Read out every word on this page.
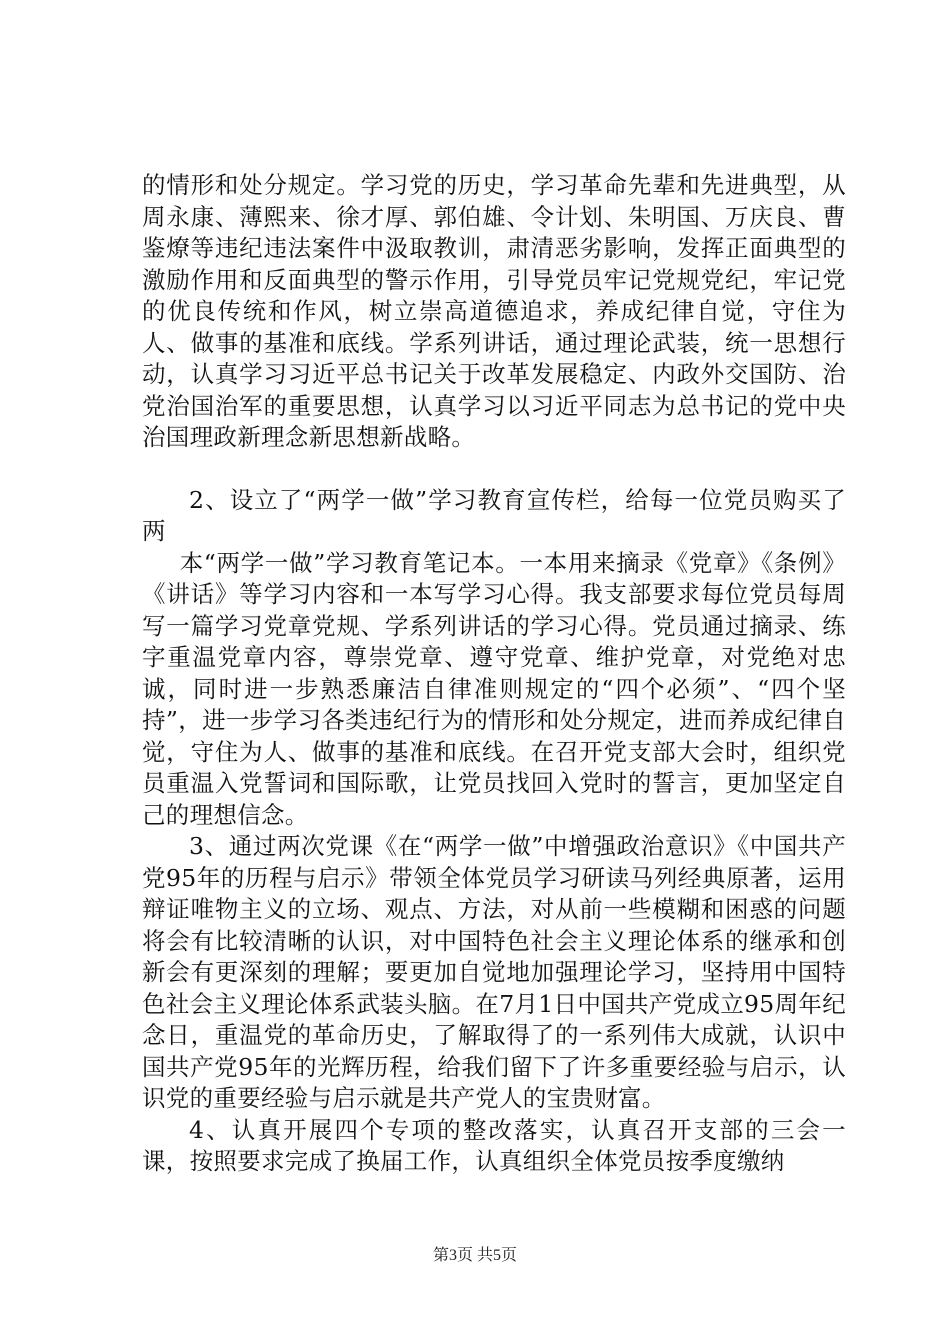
的情形和处分规定。学习党的历史，学习革命先辈和先进典型，从周永康、薄熙来、徐才厚、郭伯雄、令计划、朱明国、万庆良、曹鉴燎等违纪违法案件中汲取教训，肃清恶劣影响，发挥正面典型的激励作用和反面典型的警示作用，引导党员牢记党规党纪，牢记党的优良传统和作风，树立崇高道德追求，养成纪律自觉，守住为人、做事的基准和底线。学系列讲话，通过理论武装，统一思想行动，认真学习习近平总书记关于改革发展稳定、内政外交国防、治党治国治军的重要思想，认真学习以习近平同志为总书记的党中央治国理政新理念新思想新战略。

2、设立了“两学一做”学习教育宣传栏，给每一位党员购买了两

本“两学一做”学习教育笔记本。一本用来摘录《党章》《条例》《讲话》等学习内容和一本写学习心得。我支部要求每位党员每周写一篇学习党章党规、学系列讲话的学习心得。党员通过摘录、练字重温党章内容，尊崇党章、遵守党章、维护党章，对党绝对忠诚，同时进一步熟悉廉洁自律准则规定的“四个必须”、“四个坚持”，进一步学习各类违纪行为的情形和处分规定，进而养成纪律自觉，守住为人、做事的基准和底线。在召开党支部大会时，组织党员重温入党誓词和国际歌，让党员找回入党时的誓言，更加坚定自己的理想信念。

3、通过两次党课《在“两学一做”中增强政治意识》《中国共产党95年的历程与启示》带领全体党员学习研读马列经典原著，运用辩证唯物主义的立场、观点、方法，对从前一些模糊和困惑的问题将会有比较清晰的认识，对中国特色社会主义理论体系的继承和创新会有更深刻的理解；要更加自觉地加强理论学习，坚持用中国特色社会主义理论体系武装头脑。在7月1日中国共产党成立95周年纪念日，重温党的革命历史，了解取得了的一系列伟大成就，认识中国共产党95年的光辉历程，给我们留下了许多重要经验与启示，认识党的重要经验与启示就是共产党人的宝贵财富。

4、认真开展四个专项的整改落实，认真召开支部的三会一课，按照要求完成了换届工作，认真组织全体党员按季度缴纳

第3页 共5页
